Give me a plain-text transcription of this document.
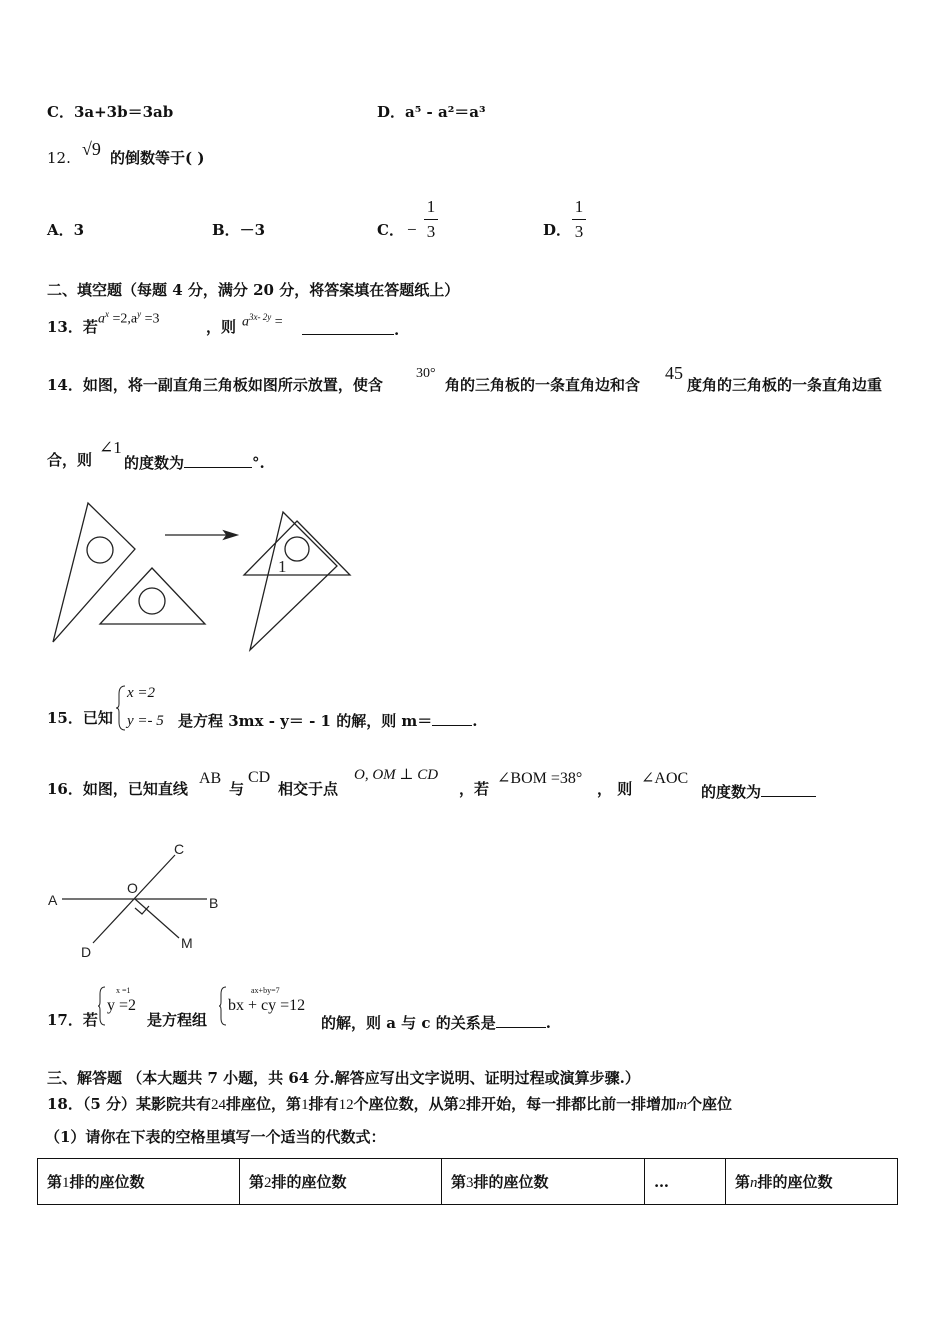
C．3a+3b＝3ab	D．a⁵ - a²＝a³
12. √9 的倒数等于( )
A．3	B．－3	C． − $\frac{1}{3}$	D． $\frac{1}{3}$
二、填空题（每题 4 分，满分 20 分，将答案填在答题纸上）
13．若 $a^x =2,a^y =3$	，则 $a^{3x- 2y}$ =	.
14．如图，将一副直角三角板如图所示放置，使含
30°
角的三角板的一条直角边和含
45
度角的三角板的一条直角边重
合，则
∠1
的度数为	°.
1
15．已知
x =2
y =- 5 是方程 3mx - y＝ - 1 的解，则 m＝	.
16．如图，已知直线
AB
与
CD
相交于点
O, OM ⊥ CD
，若
∠BOM =38°
， 则
∠AOC
的度数为
A	B
C
D
O
M
17．若
x =1
y =2
是方程组
ax+by=7
bx + cy =12
的解，则 a 与 c 的关系是	.
三、解答题 （本大题共 7 小题，共 64 分.解答应写出文字说明、证明过程或演算步骤.）
18．（5 分）某影院共有24排座位，第1排有12个座位数，从第2排开始，每一排都比前一排增加m个座位
（1）请你在下表的空格里填写一个适当的代数式：
第1排的座位数	第2排的座位数	第3排的座位数	…	第n排的座位数
